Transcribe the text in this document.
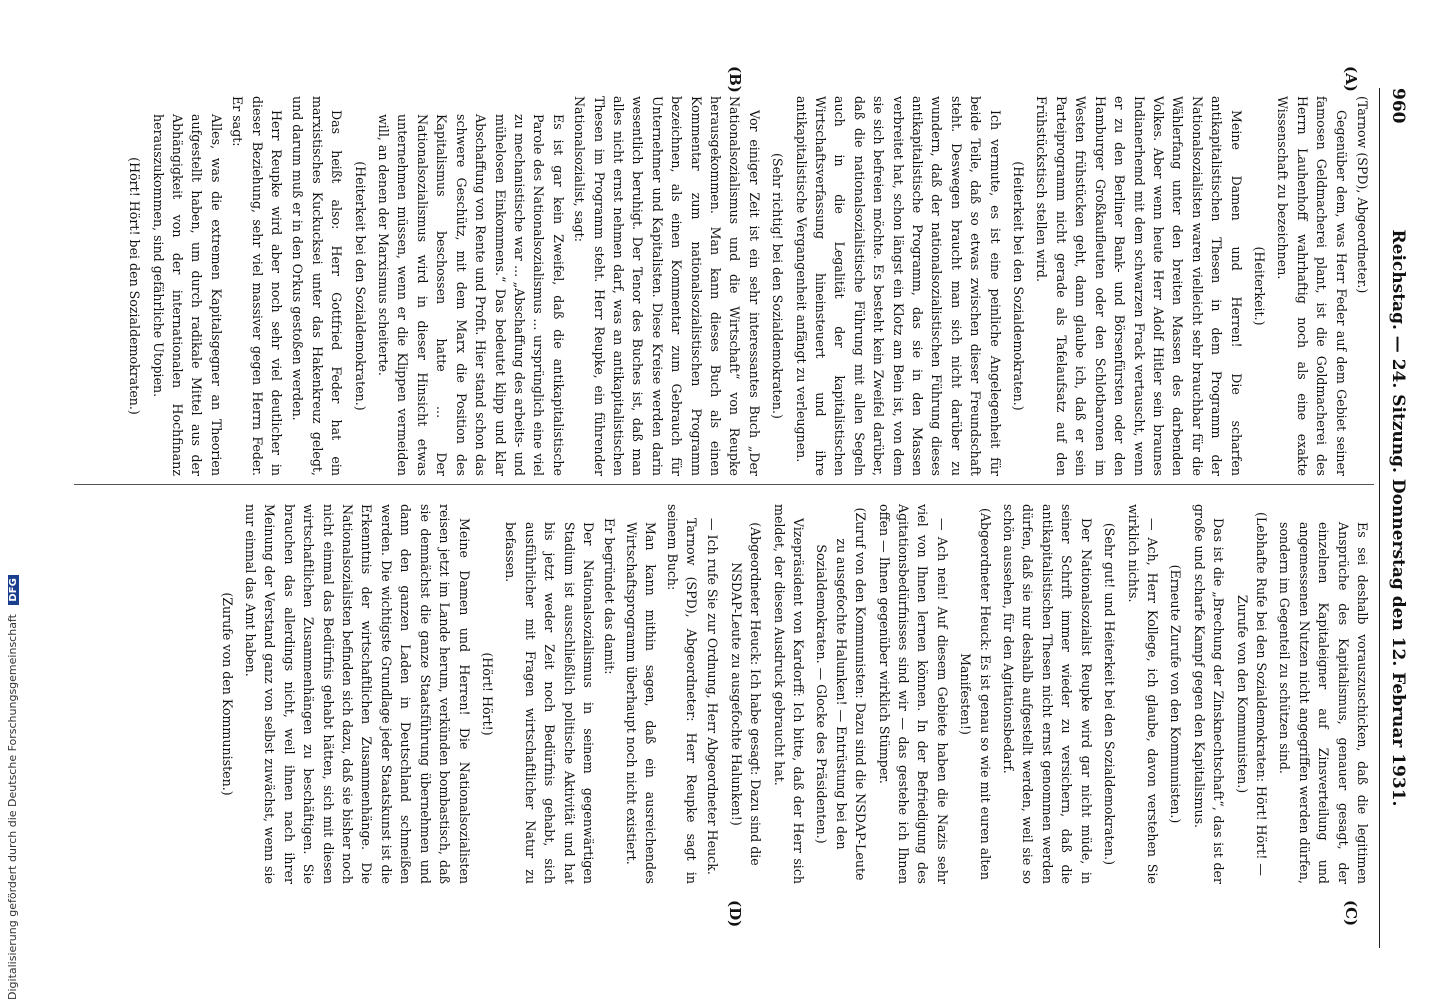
960
Reichstag. — 24. Sitzung. Donnerstag den 12. Februar 1931.
(A)
(B)
(C)
(D)

(Tarnow (SPD), Abgeordneter.)

Gegenüber dem, was Herr Feder auf dem Gebiet seiner famosen Geldmacherei plant, ist die Goldmacherei des Herrn Lauhenhoff wahrhaftig noch als eine exakte Wissenschaft zu bezeichnen.

(Heiterkeit.)

Meine Damen und Herren! Die scharfen antikapitalistischen Thesen in dem Programm der Nationalsozialisten waren vielleicht sehr brauchbar für die Wählerfang unter den breiten Massen des darbenden Volkes. Aber wenn heute Herr Adolf Hitler sein braunes Indianerhemd mit dem schwarzen Frack vertauscht, wenn er zu den Berliner Bank- und Börsenfürsten oder den Hamburger Großkaufleuten oder den Schlotbaronen im Westen frühstücken geht, dann glaube ich, daß er sein Parteiprogramm nicht gerade als Tafelaufsatz auf den Frühstückstisch stellen wird.

(Heiterkeit bei den Sozialdemokraten.)

Ich vermute, es ist eine peinliche Angelegenheit für beide Teile, daß so etwas zwischen dieser Freundschaft steht. Deswegen braucht man sich nicht darüber zu wundern, daß der nationalsozialistischen Führung dieses antikapitalistische Programm, das sie in den Massen verbreitet hat, schon längst ein Klotz am Bein ist, von dem sie sich befreien möchte. Es besteht kein Zweifel darüber, daß die nationalsozialistische Führung mit allen Segeln auch in die Legalität der kapitalistischen Wirtschaftsverfassung hineinsteuert und ihre antikapitalistische Vergangenheit anfängt zu verleugnen.

(Sehr richtig! bei den Sozialdemokraten.)

Vor einiger Zeit ist ein sehr interessantes Buch „Der Nationalsozialismus und die Wirtschaft“ von Reupke herausgekommen. Man kann dieses Buch als einen Kommentar zum nationalsozialistischen Programm bezeichnen, als einen Kommentar zum Gebrauch für Unternehmer und Kapitalisten. Diese Kreise werden darin wesentlich beruhigt. Der Tenor des Buches ist, daß man alles nicht ernst nehmen darf, was an antikapitalistischen Thesen im Programm steht. Herr Reupke, ein führender Nationalsozialist, sagt:

Es ist gar kein Zweifel, daß die antikapitalistische Parole des Nationalsozialismus ... ursprünglich eine viel zu mechanistische war ... „Abschaffung des arbeits- und mühelosen Einkommens.“ Das bedeutet klipp und klar Abschaffung von Rente und Profit. Hier stand schon das schwere Geschütz, mit dem Marx die Position des Kapitalismus beschossen hatte ... Der Nationalsozialismus wird in dieser Hinsicht etwas unternehmen müssen, wenn er die Klippen vermeiden will, an denen der Marxismus scheiterte.

(Heiterkeit bei den Sozialdemokraten.)

Das heißt also: Herr Gottfried Feder hat ein marxistisches Kuckucksei unter das Hakenkreuz gelegt, und darum muß er in den Orkus gestoßen werden.

Herr Reupke wird aber noch sehr viel deutlicher in dieser Beziehung, sehr viel massiver gegen Herrn Feder. Er sagt:

Alles, was die extremen Kapitalsgegner an Theorien aufgestellt haben, um durch radikale Mittel aus der Abhängigkeit von der internationalen Hochfinanz herauszukommen, sind gefährliche Utopien.

(Hört! Hört! bei den Sozialdemokraten.)

Es sei deshalb vorauszuschicken, daß die legitimen Ansprüche des Kapitalismus, genauer gesagt, der einzelnen Kapitaleigner auf Zinsverteilung und angemessenen Nutzen nicht angegriffen werden dürfen, sondern im Gegenteil zu schützen sind.

(Lebhafte Rufe bei den Sozialdemokraten: Hört! Hört! — Zurufe von den Kommunisten.)

Das ist die „Brechung der Zinsknechtschaft“, das ist der große und scharfe Kampf gegen den Kapitalismus.

(Erneute Zurufe von den Kommunisten.)

— Ach, Herr Kollege, ich glaube, davon verstehen Sie wirklich nichts.

(Sehr gut! und Heiterkeit bei den Sozialdemokraten.)

Der Nationalsozialist Reupke wird gar nicht müde, in seiner Schrift immer wieder zu versichern, daß die antikapitalistischen Thesen nicht ernst genommen werden dürfen, daß sie nur deshalb aufgestellt werden, weil sie so schön aussehen, für den Agitationsbedarf.

(Abgeordneter Heuck: Es ist genau so wie mit euren alten Manifesten!)

— Ach nein! Auf diesem Gebiete haben die Nazis sehr viel von Ihnen lernen können. In der Befriedigung des Agitationsbedürfnisses sind wir — das gestehe ich Ihnen offen — Ihnen gegenüber wirklich Stümper.

(Zuruf von den Kommunisten: Dazu sind die NSDAP-Leute zu ausgefochte Halunken! — Entrüstung bei den Sozialdemokraten. — Glocke des Präsidenten.)

Vizepräsident von Kardorff: Ich bitte, daß der Herr sich meldet, der diesen Ausdruck gebraucht hat.

(Abgeordneter Heuck: Ich habe gesagt: Dazu sind die NSDAP-Leute zu ausgefochte Halunken!)

— Ich rufe Sie zur Ordnung, Herr Abgeordneter Heuck.

Tarnow (SPD), Abgeordneter: Herr Reupke sagt in seinem Buch:

Man kann mithin sagen, daß ein ausreichendes Wirtschaftsprogramm überhaupt noch nicht existiert.

Er begründet das damit:

Der Nationalsozialismus in seinem gegenwärtigen Stadium ist ausschließlich politische Aktivität und hat bis jetzt weder Zeit noch Bedürfnis gehabt, sich ausführlicher mit Fragen wirtschaftlicher Natur zu befassen.

(Hört! Hört!)

Meine Damen und Herren! Die Nationalsozialisten reisen jetzt im Lande herum, verkünden bombastisch, daß sie demnächst die ganze Staatsführung übernehmen und dann den ganzen Laden in Deutschland schmeißen werden. Die wichtigste Grundlage jeder Staatskunst ist die Erkenntnis der wirtschaftlichen Zusammenhänge. Die Nationalsozialisten befinden sich dazu, daß sie bisher noch nicht einmal das Bedürfnis gehabt hätten, sich mit diesen wirtschaftlichen Zusammenhängen zu beschäftigen. Sie brauchen das allerdings nicht, weil ihnen nach ihrer Meinung der Verstand ganz von selbst zuwächst, wenn sie nur einmal das Amt haben.

(Zurufe von den Kommunisten.)

Digitalisierung gefördert durch die Deutsche Forschungsgemeinschaft DFG
